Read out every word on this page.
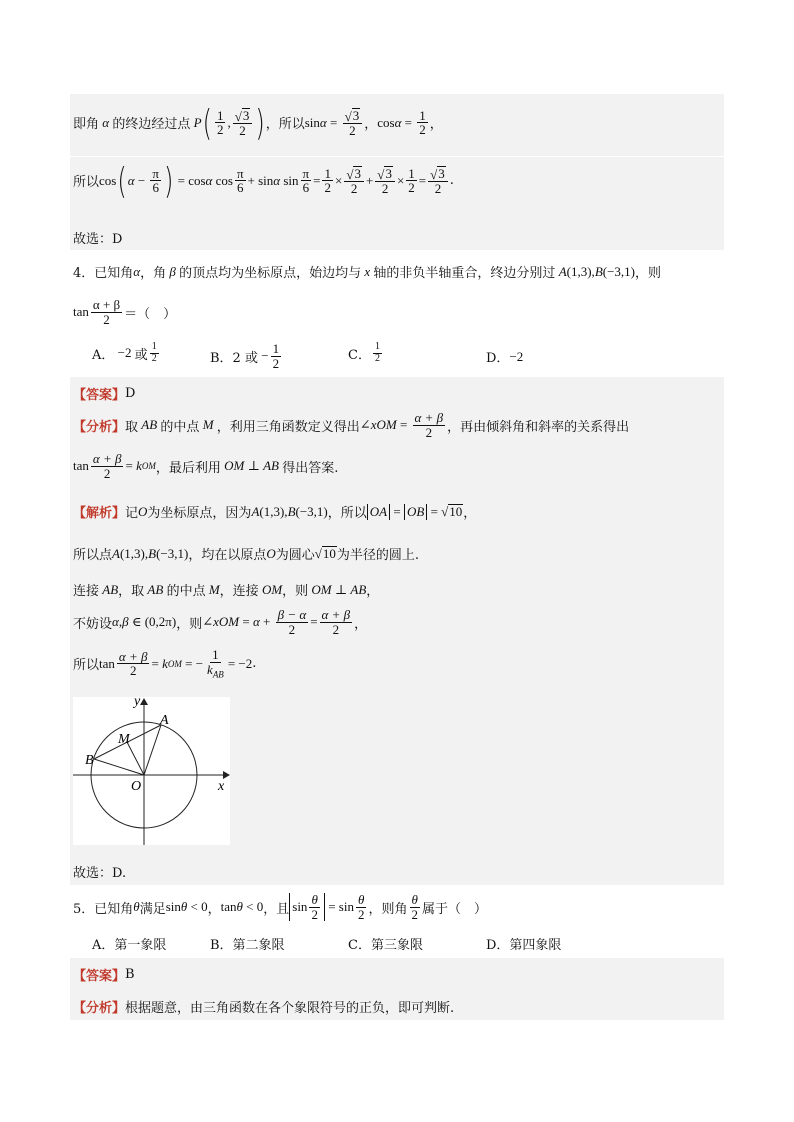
即角 α 的终边经过点 P ( $\frac{1}{2}$ , $\frac{√ 3}{2}$ ) ，所以 $\sin \alpha = \frac{√ 3}{2}$ ， $\cos \alpha = \frac{1}{2}$ ，
所以 cos ( $\alpha - \frac{\pi}{6}$ ) = cos α $\cos \frac{\pi}{6} + \sin \alpha$ $\sin \frac{\pi}{6} = \frac{1}{2} \times \frac{√ 3}{2} + \frac{√ 3}{2} \times \frac{1}{2} = \frac{√ 3}{2}$ .
故选：D
4． 已知角 α ，角 β 的顶点均为坐标原点，始边均与 x 轴的非负半轴重合，终边分别过 A (1,3), B (−3,1) ，则
$\tan \frac{\alpha + \beta}{2}$ ＝（　）
A． −2 或 $\frac{1}{2}$	B．2 或 − $\frac{1}{2}$	C． $\frac{1}{2}$	D． −2
【答案】 D
【分析】 取 AB 的中点 M ，利用三角函数定义得出 ∠ xOM = $\frac{\alpha + \beta}{2}$ ，再由倾斜角和斜率的关系得出
$\tan \frac{\alpha + \beta}{2} = k$ OM ，最后利用 OM ⊥ AB 得出答案.
【解析】 记 O 为坐标原点，因为 A (1,3), B (−3,1) ，所以 OA = OB = √ 10 ，
所以点 A (1,3), B (−3,1) ，均在以原点 O 为圆心 √ 10 为半径的圆上.
连接 AB ，取 AB 的中点 M ，连接 OM ，则 OM ⊥ AB ，
不妨设 α , β ∈ (0,2π) ，则 ∠ xOM = $\alpha + \frac{\beta - \alpha}{2} = \frac{\alpha + \beta}{2}$ ，
所以 $\tan \frac{\alpha + \beta}{2} = k$ OM = − $\frac{1}{k_{AB}} = -2$ .
y
x
O
A
B
M
故选：D.
5． 已知角 θ 满足 sin θ < 0 ， tan θ < 0 ，且 $\sin \frac{\theta}{2} = \sin \frac{\theta}{2}$ ，则角 $\frac{\theta}{2}$ 属于（　）
A．第一象限	B．第二象限	C．第三象限	D．第四象限
【答案】 B
【分析】 根据题意，由三角函数在各个象限符号的正负，即可判断.
